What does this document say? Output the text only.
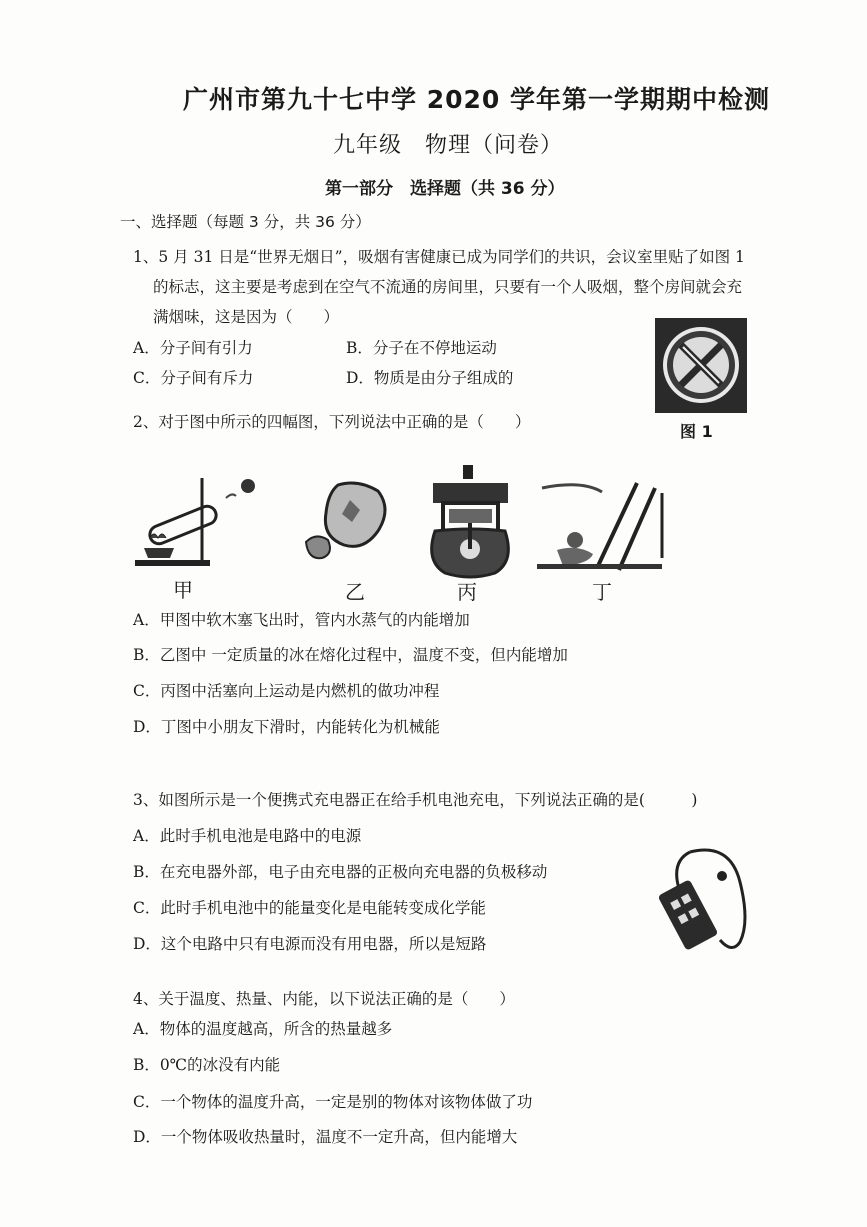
广州市第九十七中学 2020 学年第一学期期中检测
九年级　物理（问卷）
第一部分　选择题（共 36 分）
一、选择题（每题 3 分，共 36 分）
1、5 月 31 日是“世界无烟日”，吸烟有害健康已成为同学们的共识，会议室里贴了如图 1
的标志，这主要是考虑到在空气不流通的房间里，只要有一个人吸烟，整个房间就会充
满烟味，这是因为（　　）
A．分子间有引力	B．分子在不停地运动
C．分子间有斥力	D．物质是由分子组成的
图 1
2、对于图中所示的四幅图，下列说法中正确的是（　　）
甲	乙	丙	丁
A．甲图中软木塞飞出时，管内水蒸气的内能增加
B．乙图中 一定质量的冰在熔化过程中，温度不变，但内能增加
C．丙图中活塞向上运动是内燃机的做功冲程
D．丁图中小朋友下滑时，内能转化为机械能
3、如图所示是一个便携式充电器正在给手机电池充电，下列说法正确的是(　　　)
A．此时手机电池是电路中的电源
B．在充电器外部，电子由充电器的正极向充电器的负极移动
C．此时手机电池中的能量变化是电能转变成化学能
D．这个电路中只有电源而没有用电器，所以是短路
4、关于温度、热量、内能，以下说法正确的是（　　）
A．物体的温度越高，所含的热量越多
B．0℃的冰没有内能
C．一个物体的温度升高，一定是别的物体对该物体做了功
D．一个物体吸收热量时，温度不一定升高，但内能增大
